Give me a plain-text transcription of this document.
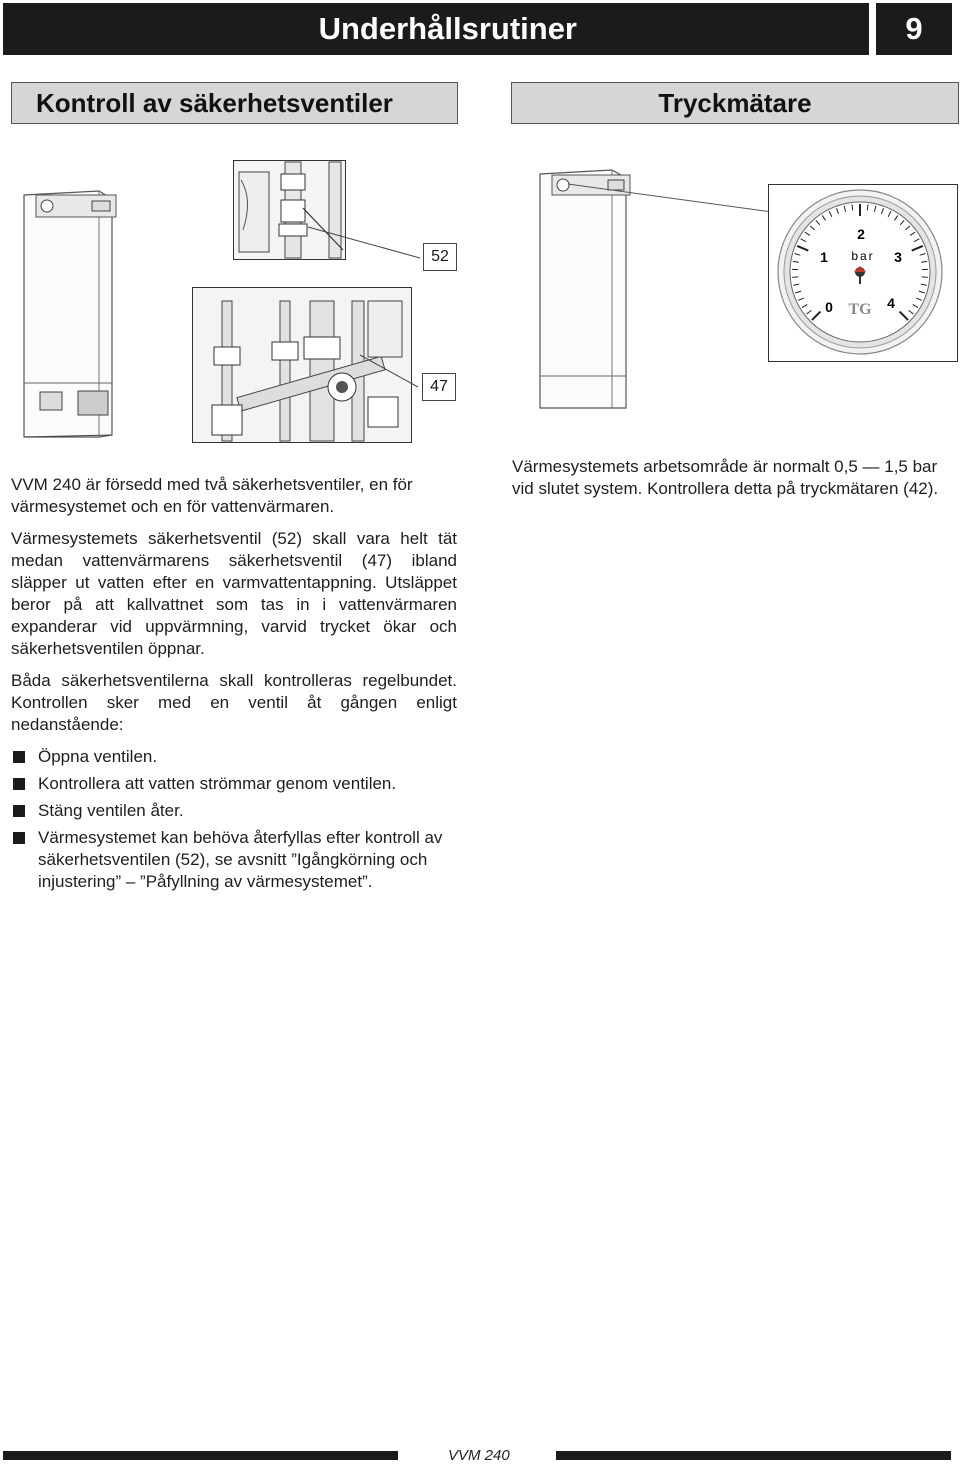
Underhållsrutiner	9
Kontroll av säkerhetsventiler	Tryckmätare
52
47
2
1	3
0	4
bar
TG

VVM 240 är försedd med två säkerhetsventiler, en för värmesystemet och en för vattenvärmaren.

Värmesystemets säkerhetsventil (52) skall vara helt tät medan vattenvärmarens säkerhetsventil (47) ibland släpper ut vatten efter en varmvattentappning. Utsläppet beror på att kallvattnet som tas in i vattenvärmaren expanderar vid uppvärmning, varvid trycket ökar och säkerhetsventilen öppnar.

Båda säkerhetsventilerna skall kontrolleras regelbundet. Kontrollen sker med en ventil åt gången enligt nedanstående:

Öppna ventilen.
Kontrollera att vatten strömmar genom ventilen.
Stäng ventilen åter.
Värmesystemet kan behöva återfyllas efter kontroll av säkerhetsventilen (52), se avsnitt ”Igångkörning och injustering” – ”Påfyllning av värmesystemet”.

Värmesystemets arbetsområde är normalt 0,5 — 1,5 bar vid slutet system. Kontrollera detta på tryckmätaren (42).

VVM 240
